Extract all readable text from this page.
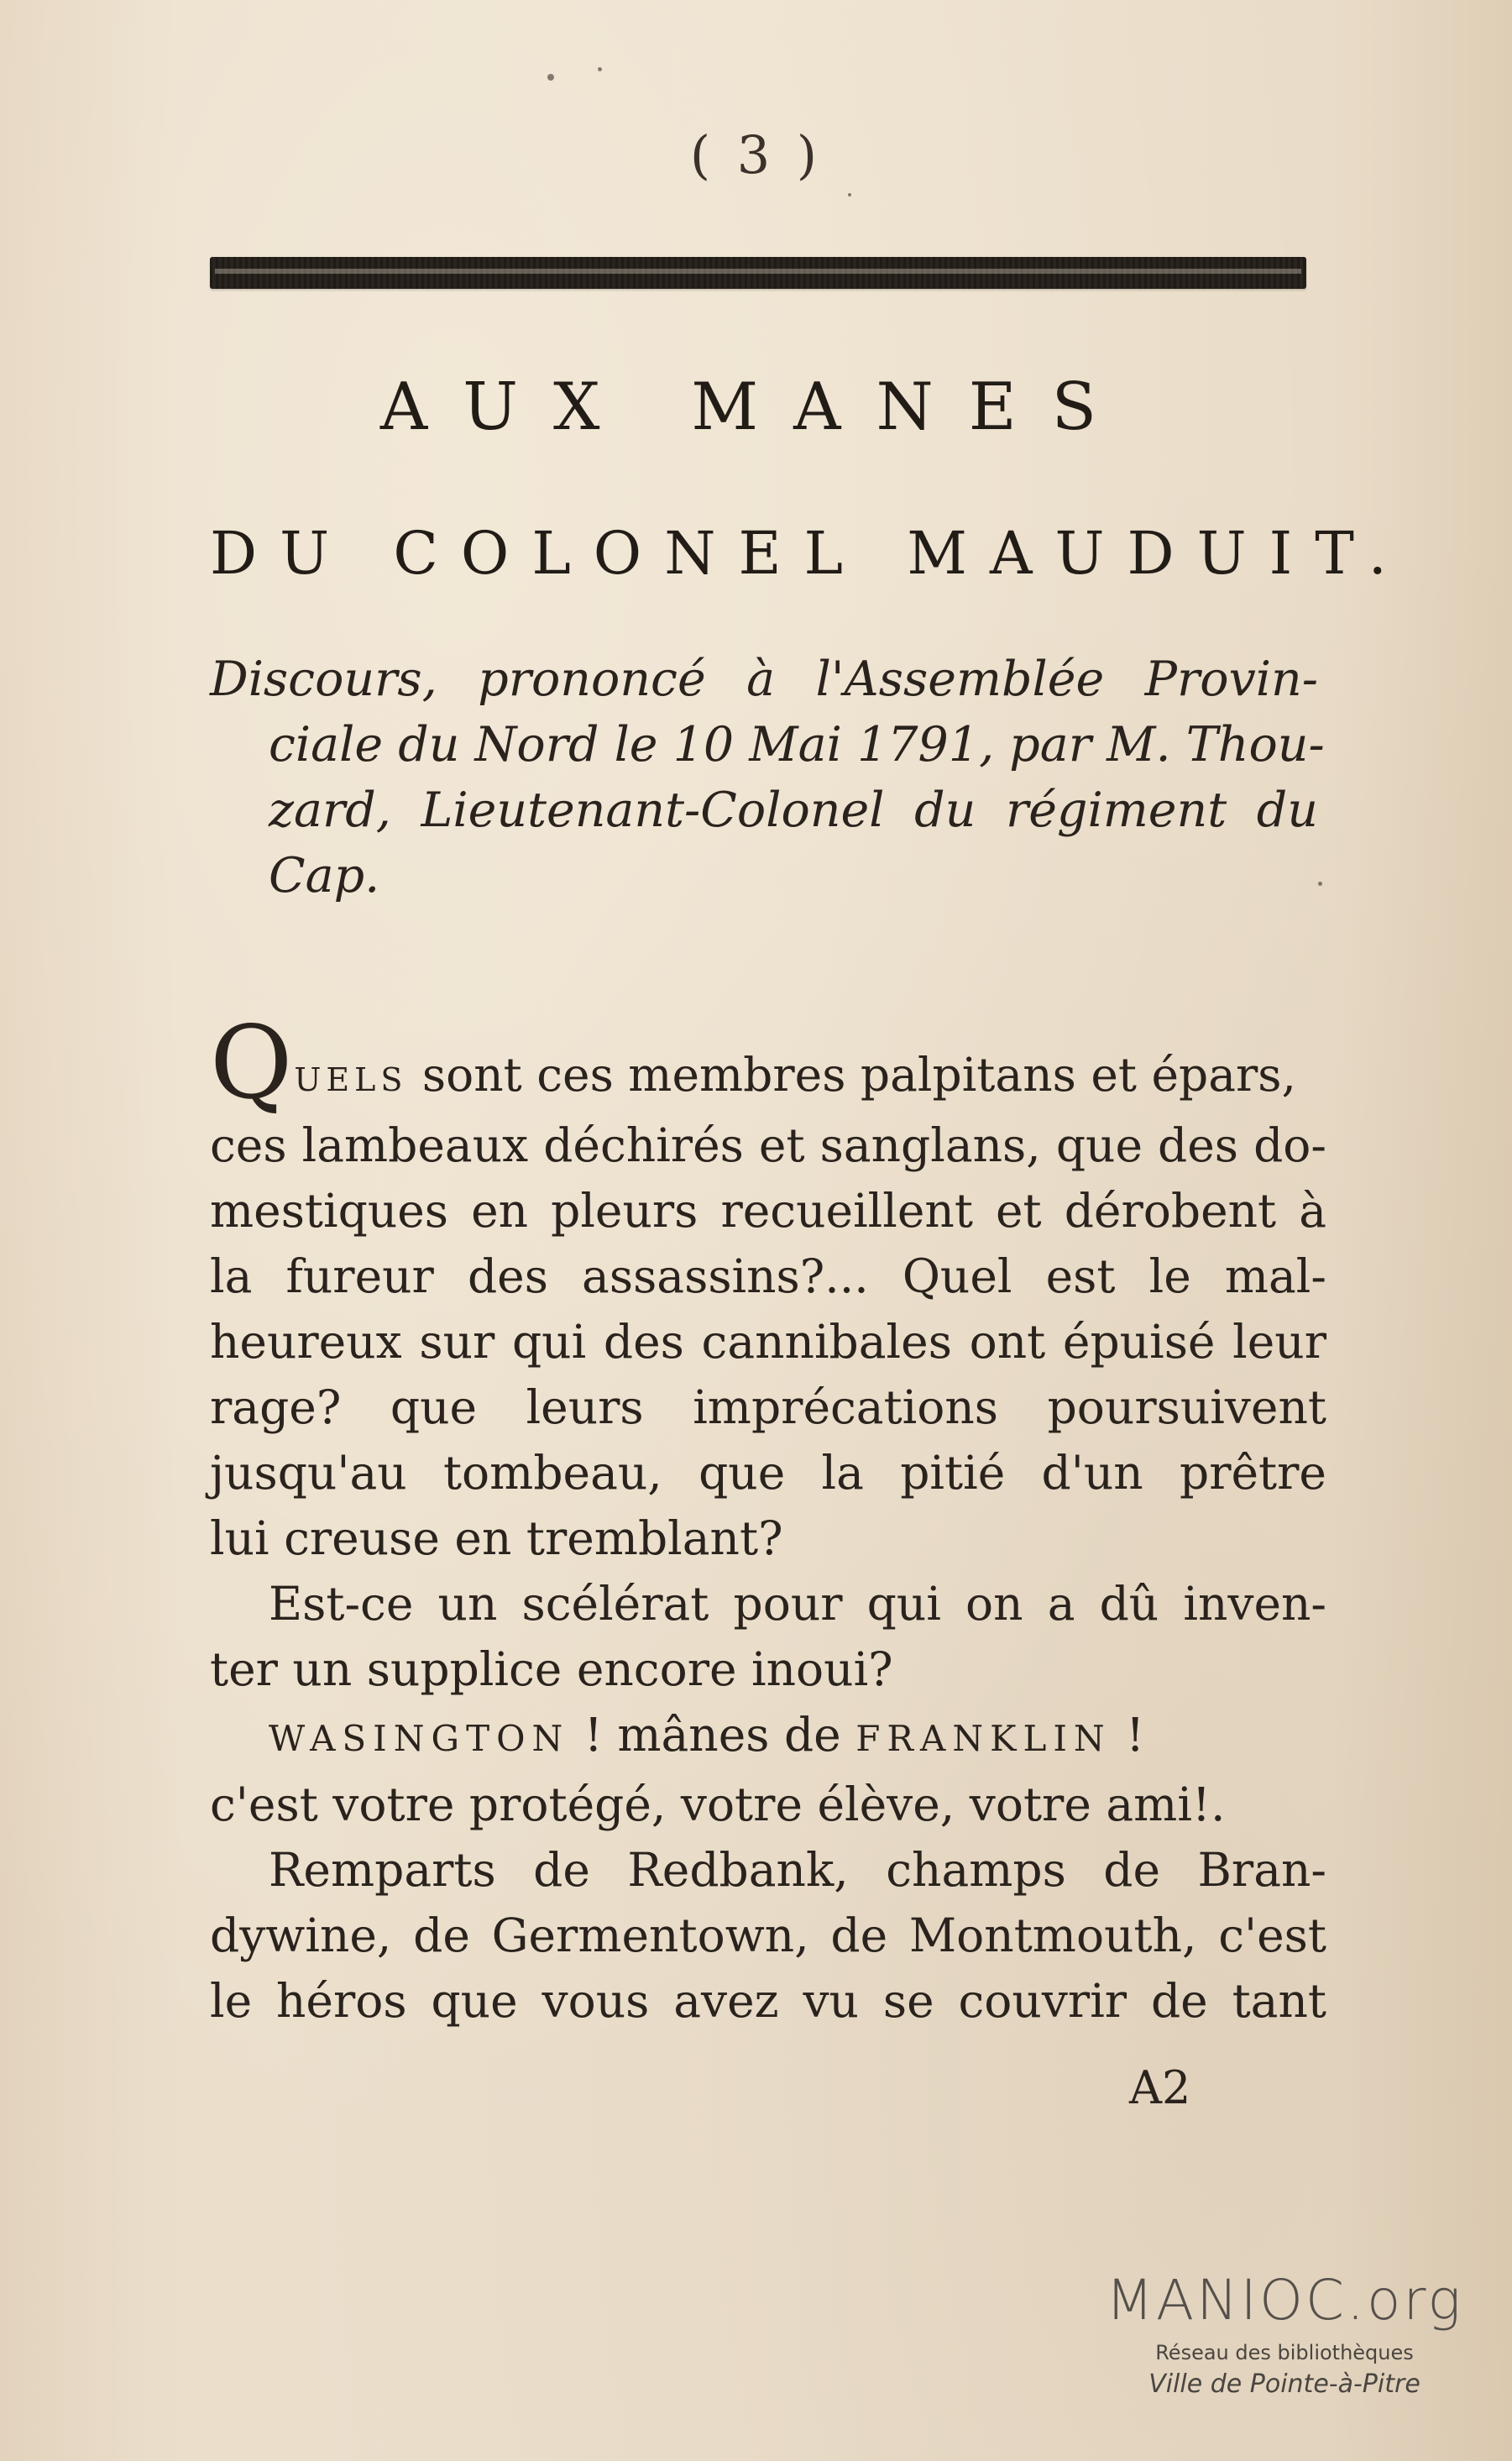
( 3 )
AUX MANES
DU COLONEL MAUDUIT.
Discours, prononcé à l'Assemblée Provin-
ciale du Nord le 10 Mai 1791, par M. Thou-
zard, Lieutenant-Colonel du régiment du
Cap.
QUELS sont ces membres palpitans et épars,
ces lambeaux déchirés et sanglans, que des do-
mestiques en pleurs recueillent et dérobent à
la fureur des assassins?... Quel est le mal-
heureux sur qui des cannibales ont épuisé leur
rage? que leurs imprécations poursuivent
jusqu'au tombeau, que la pitié d'un prêtre
lui creuse en tremblant?
Est-ce un scélérat pour qui on a dû inven-
ter un supplice encore inoui?
WASINGTON ! mânes de FRANKLIN !
c'est votre protégé, votre élève, votre ami!.
Remparts de Redbank, champs de Bran-
dywine, de Germentown, de Montmouth, c'est
le héros que vous avez vu se couvrir de tant
A2
MANIOC.org
Réseau des bibliothèques
Ville de Pointe-à-Pitre
